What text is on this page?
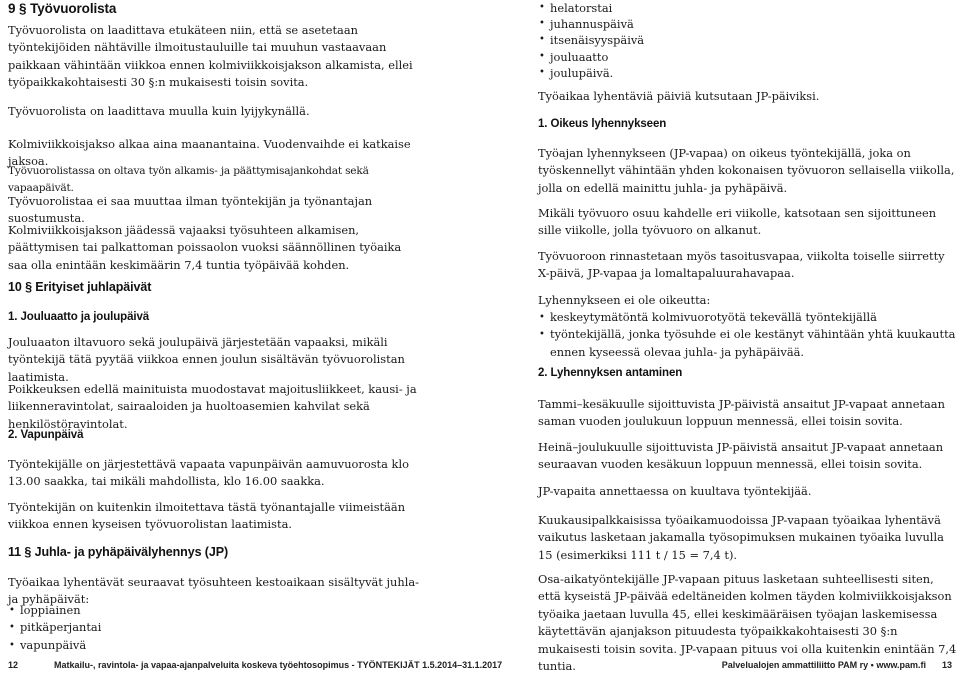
9 § Työvuorolista

Työvuorolista on laadittava etukäteen niin, että se asetetaan työntekijöiden nähtäville ilmoitustauluille tai muuhun vastaavaan paikkaan vähintään viikkoa ennen kolmiviikkoisjakson alkamista, ellei työpaikkakohtaisesti 30 §:n mukaisesti toisin sovita.

Työvuorolista on laadittava muulla kuin lyijykynällä.

Kolmiviikkoisjakso alkaa aina maanantaina. Vuodenvaihde ei katkaise jaksoa.

Työvuorolistassa on oltava työn alkamis- ja päättymisajankohdat sekä vapaapäivät.

Työvuorolistaa ei saa muuttaa ilman työntekijän ja työnantajan suostumusta.

Kolmiviikkoisjakson jäädessä vajaaksi työsuhteen alkamisen, päättymisen tai palkattoman poissaolon vuoksi säännöllinen työaika saa olla enintään keskimäärin 7,4 tuntia työpäivää kohden.

10 § Erityiset juhlapäivät
1. Jouluaatto ja joulupäivä

Jouluaaton iltavuoro sekä joulupäivä järjestetään vapaaksi, mikäli työntekijä tätä pyytää viikkoa ennen joulun sisältävän työvuorolistan laatimista.

Poikkeuksen edellä mainituista muodostavat majoitusliikkeet, kausi- ja liikenneravintolat, sairaaloiden ja huoltoasemien kahvilat sekä henkilöstöravintolat.

2. Vapunpäivä

Työntekijälle on järjestettävä vapaata vapunpäivän aamuvuorosta klo 13.00 saakka, tai mikäli mahdollista, klo 16.00 saakka.

Työntekijän on kuitenkin ilmoitettava tästä työnantajalle viimeistään viikkoa ennen kyseisen työvuorolistan laatimista.

11 § Juhla- ja pyhäpäivälyhennys (JP)

Työaikaa lyhentävät seuraavat työsuhteen kestoaikaan sisältyvät juhla- ja pyhäpäivät:

• loppiainen
• pitkäperjantai
• vapunpäivä
• helatorstai
• juhannuspäivä
• itsenäisyyspäivä
• jouluaatto
• joulupäivä.

Työaikaa lyhentäviä päiviä kutsutaan JP-päiviksi.

1. Oikeus lyhennykseen

Työajan lyhennykseen (JP-vapaa) on oikeus työntekijällä, joka on työskennellyt vähintään yhden kokonaisen työvuoron sellaisella viikolla, jolla on edellä mainittu juhla- ja pyhäpäivä.

Mikäli työvuoro osuu kahdelle eri viikolle, katsotaan sen sijoittuneen sille viikolle, jolla työvuoro on alkanut.

Työvuoroon rinnastetaan myös tasoitusvapaa, viikolta toiselle siirretty X-päivä, JP-vapaa ja lomaltapaluurahavapaa.

Lyhennykseen ei ole oikeutta:

• keskeytymätöntä kolmivuorotyötä tekevällä työntekijällä
• työntekijällä, jonka työsuhde ei ole kestänyt vähintään yhtä kuukautta ennen kyseessä olevaa juhla- ja pyhäpäivää.
2. Lyhennyksen antaminen

Tammi–kesäkuulle sijoittuvista JP-päivistä ansaitut JP-vapaat annetaan saman vuoden joulukuun loppuun mennessä, ellei toisin sovita.

Heinä–joulukuulle sijoittuvista JP-päivistä ansaitut JP-vapaat annetaan seuraavan vuoden kesäkuun loppuun mennessä, ellei toisin sovita.

JP-vapaita annettaessa on kuultava työntekijää.

Kuukausipalkkaisissa työaikamuodoissa JP-vapaan työaikaa lyhentävä vaikutus lasketaan jakamalla työsopimuksen mukainen työaika luvulla 15 (esimerkiksi 111 t / 15 = 7,4 t).

Osa-aikatyöntekijälle JP-vapaan pituus lasketaan suhteellisesti siten, että kyseistä JP-päivää edeltäneiden kolmen täyden kolmiviikkoisjakson työaika jaetaan luvulla 45, ellei keskimääräisen työajan laskemisessa käytettävän ajanjakson pituudesta työpaikkakohtaisesti 30 §:n mukaisesti toisin sovita. JP-vapaan pituus voi olla kuitenkin enintään 7,4 tuntia.

12	Matkailu-, ravintola- ja vapaa-ajanpalveluita koskeva työehtosopimus - TYÖNTEKIJÄT 1.5.2014–31.1.2017	Palvelualojen ammattiliitto PAM ry • www.pam.fi 13
